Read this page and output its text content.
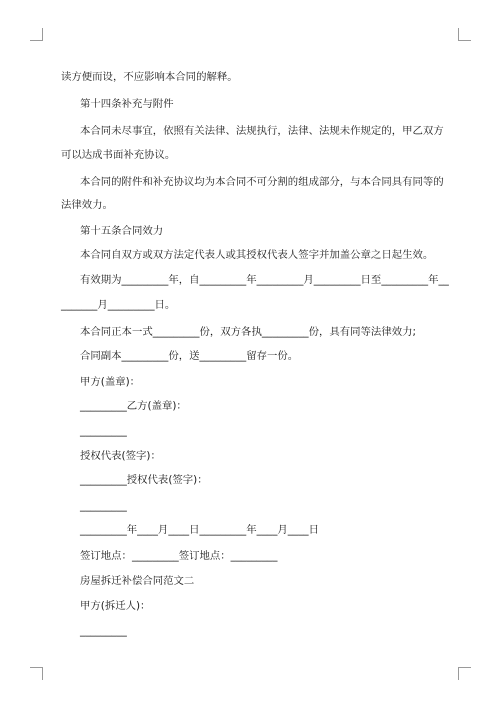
读方便而设，不应影响本合同的解释。
第十四条补充与附件
本合同未尽事宜，依照有关法律、法规执行，法律、法规未作规定的，甲乙双方
可以达成书面补充协议。
本合同的附件和补充协议均为本合同不可分割的组成部分，与本合同具有同等的
法律效力。
第十五条合同效力
本合同自双方或双方法定代表人或其授权代表人签字并加盖公章之日起生效。
有效期为_________年，自_________年_________月_________日至_________年__
_______月_________日。
本合同正本一式_________份，双方各执_________份，具有同等法律效力;
合同副本_________份，送_________留存一份。
甲方(盖章)：
_________乙方(盖章)：
_________
授权代表(签字)：
_________授权代表(签字)：
_________
_________年____月____日_________年____月____日
签订地点：_________签订地点：_________
房屋拆迁补偿合同范文二
甲方(拆迁人)：
_________
